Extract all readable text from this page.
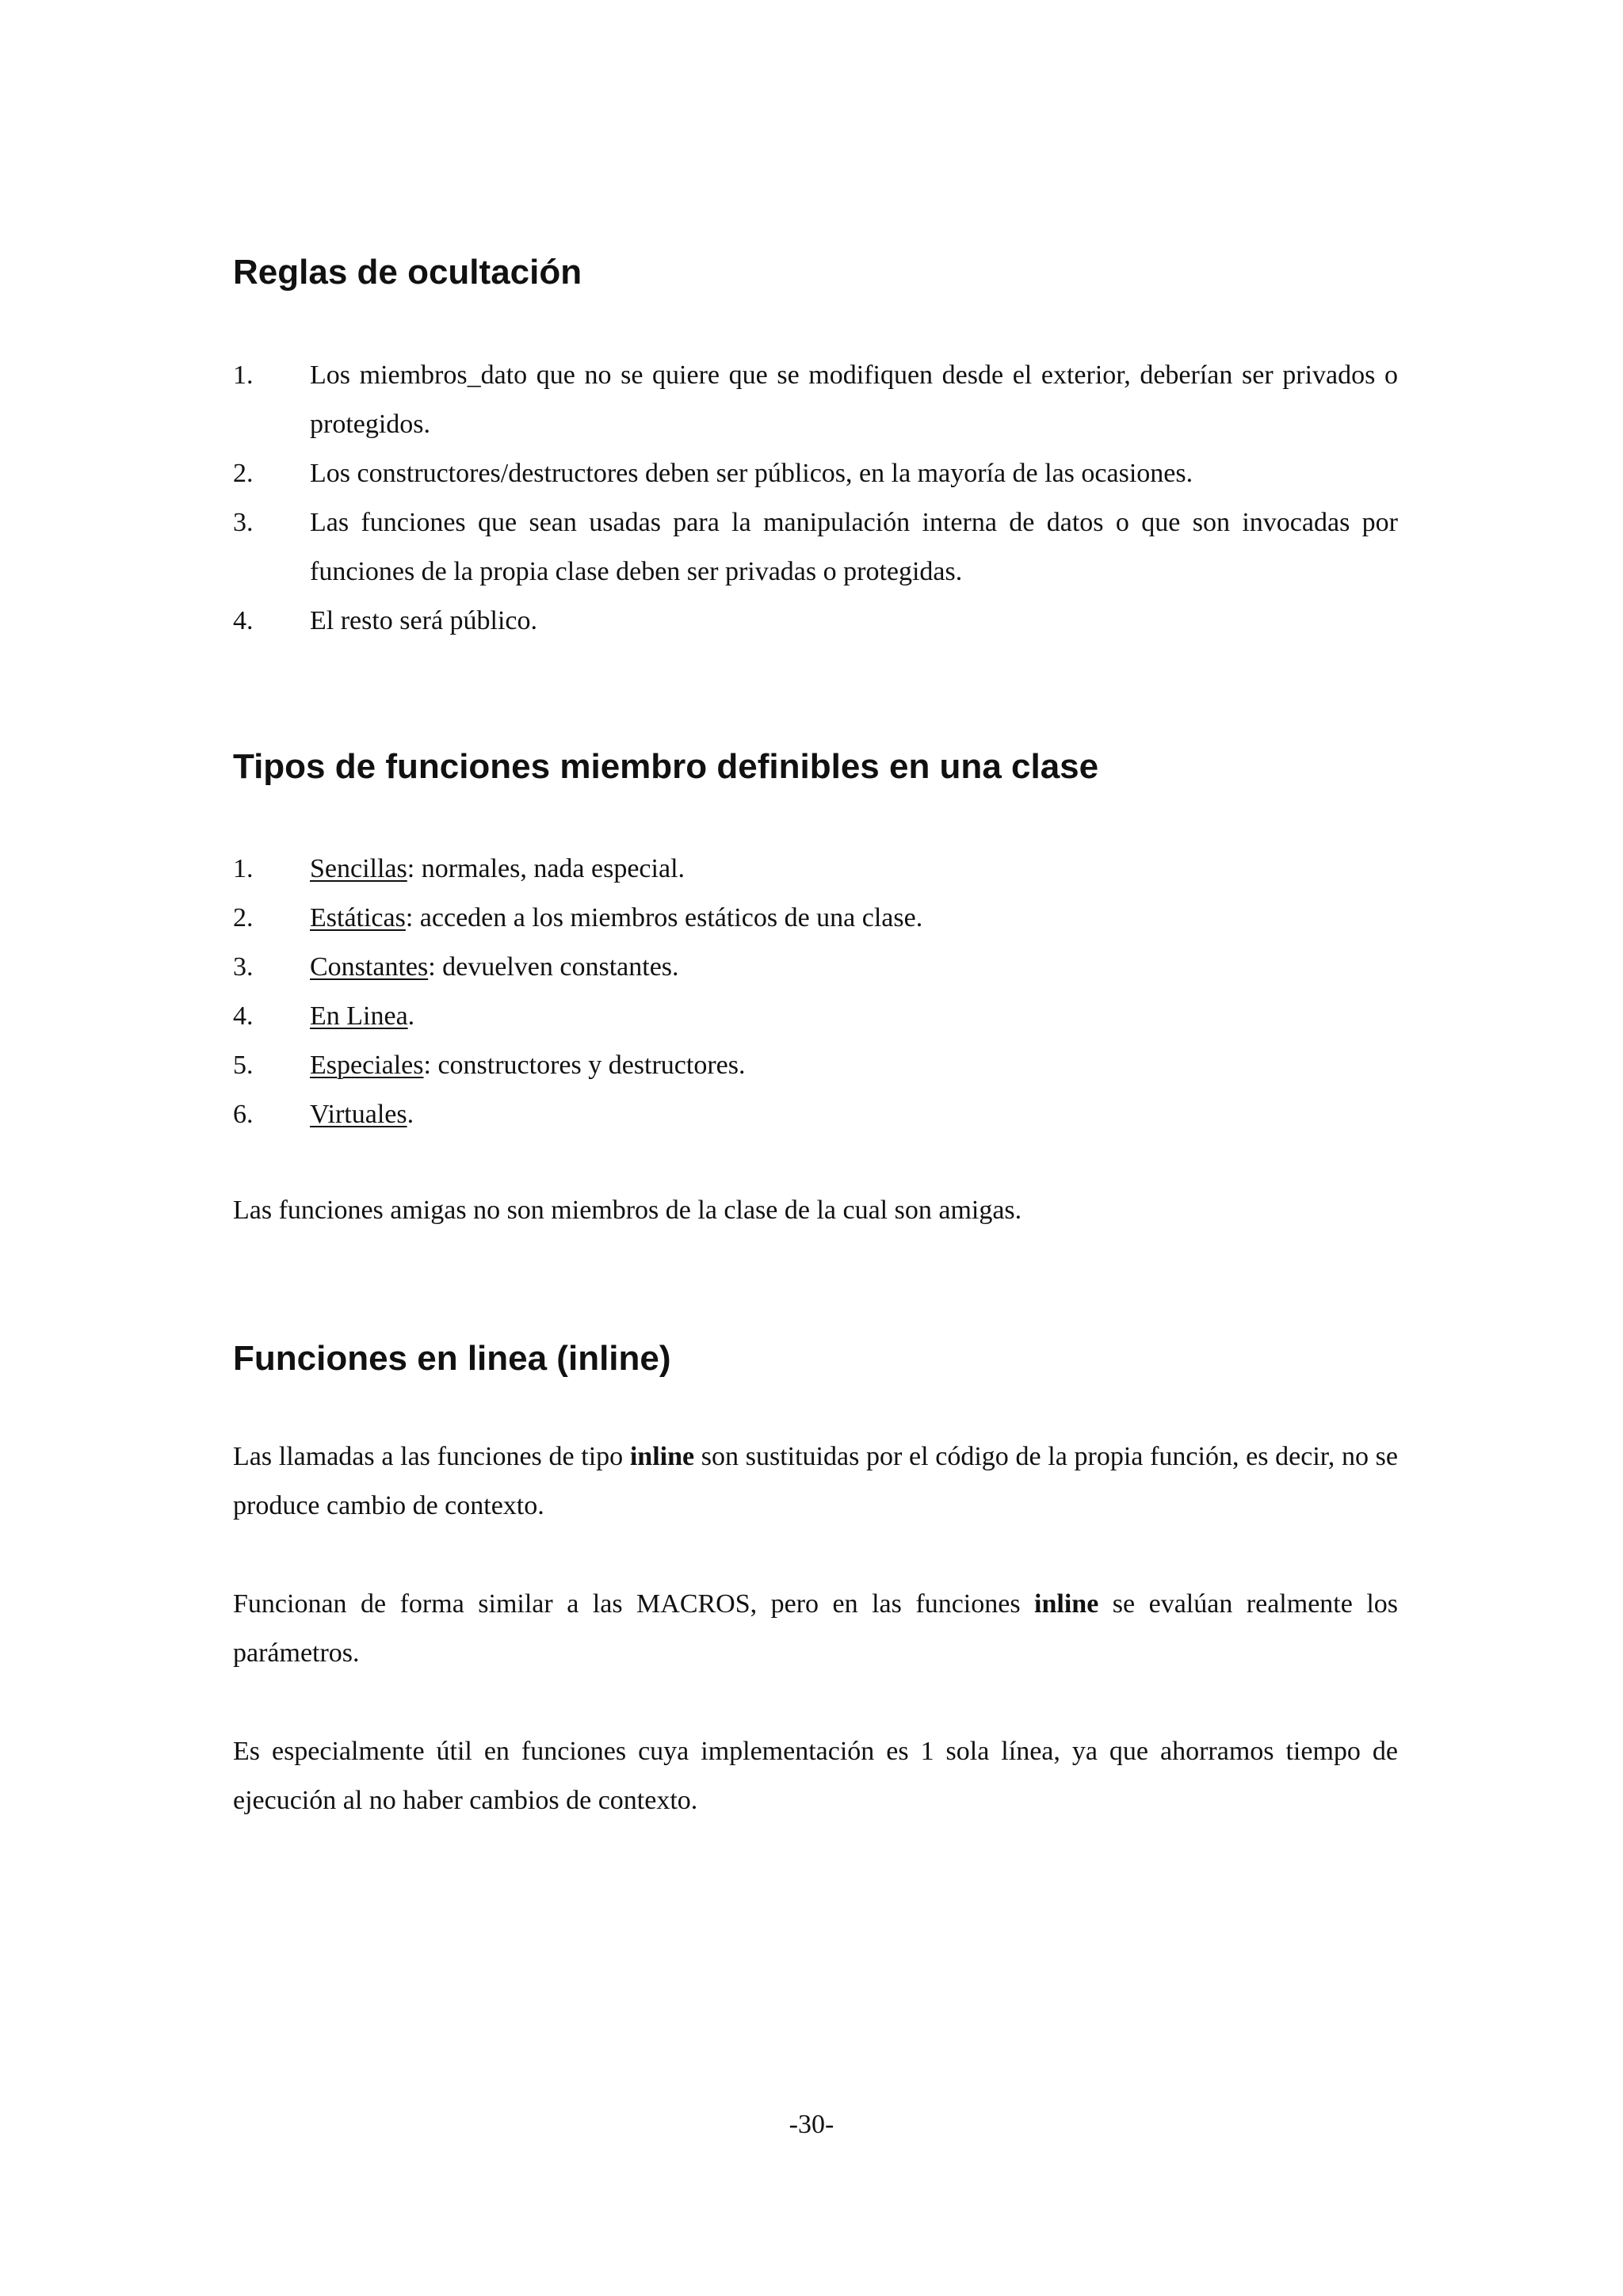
Reglas de ocultación
1. Los miembros_dato que no se quiere que se modifiquen desde el exterior, deberían ser privados o protegidos.
2. Los constructores/destructores deben ser públicos, en la mayoría de las ocasiones.
3. Las funciones que sean usadas para la manipulación interna de datos o que son invocadas por funciones de la propia clase deben ser privadas o protegidas.
4. El resto será público.
Tipos de funciones miembro definibles en una clase
1. Sencillas: normales, nada especial.
2. Estáticas: acceden a los miembros estáticos de una clase.
3. Constantes: devuelven constantes.
4. En Linea.
5. Especiales: constructores y destructores.
6. Virtuales.

Las funciones amigas no son miembros de la clase de la cual son amigas.

Funciones en linea (inline)

Las llamadas a las funciones de tipo inline son sustituidas por el código de la propia función, es decir, no se produce cambio de contexto.

Funcionan de forma similar a las MACROS, pero en las funciones inline se evalúan realmente los parámetros.

Es especialmente útil en funciones cuya implementación es 1 sola línea, ya que ahorramos tiempo de ejecución al no haber cambios de contexto.

-30-
